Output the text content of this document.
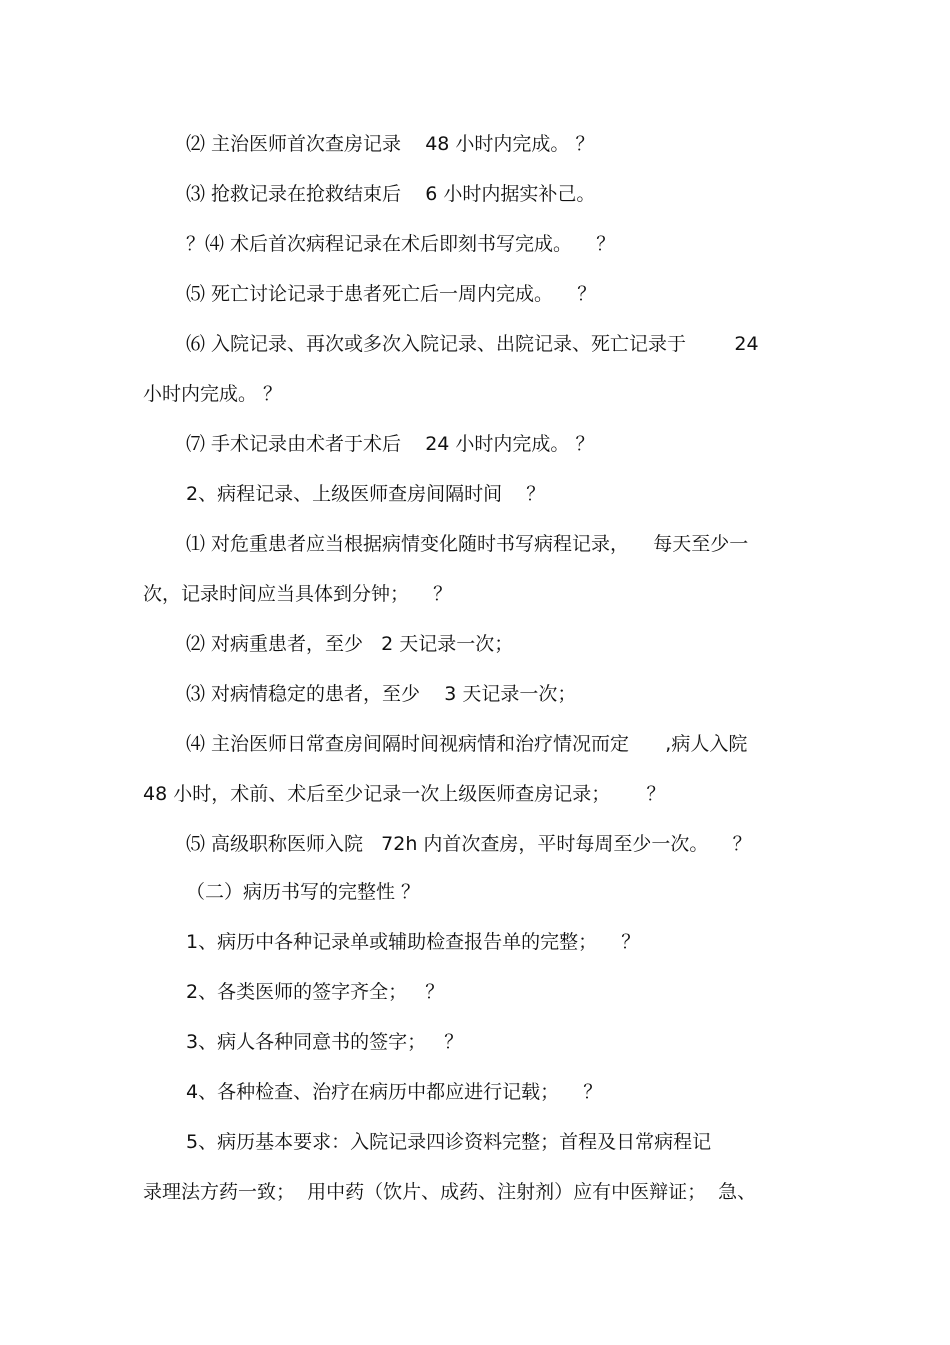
⑵ 主治医师首次查房记录    48 小时内完成。 ？

⑶ 抢救记录在抢救结束后    6 小时内据实补己。

？⑷ 术后首次病程记录在术后即刻书写完成。    ？

⑸ 死亡讨论记录于患者死亡后一周内完成。    ？

⑹ 入院记录、再次或多次入院记录、出院记录、死亡记录于        24

小时内完成。 ？

⑺ 手术记录由术者于术后    24 小时内完成。 ？

2、病程记录、上级医师查房间隔时间    ？

⑴ 对危重患者应当根据病情变化随时书写病程记录，    每天至少一

次，记录时间应当具体到分钟；    ？

⑵ 对病重患者，至少   2 天记录一次；

⑶ 对病情稳定的患者，至少    3 天记录一次；

⑷ 主治医师日常查房间隔时间视病情和治疗情况而定      ,病人入院

48 小时，术前、术后至少记录一次上级医师查房记录；      ？

⑸ 高级职称医师入院   72h 内首次查房，平时每周至少一次。    ？

（二）病历书写的完整性 ？

1、病历中各种记录单或辅助检查报告单的完整；    ？

2、各类医师的签字齐全；   ？

3、病人各种同意书的签字；   ？

4、各种检查、治疗在病历中都应进行记载；    ？

5、病历基本要求：入院记录四诊资料完整；首程及日常病程记

录理法方药一致；  用中药（饮片、成药、注射剂）应有中医辩证；  急、
